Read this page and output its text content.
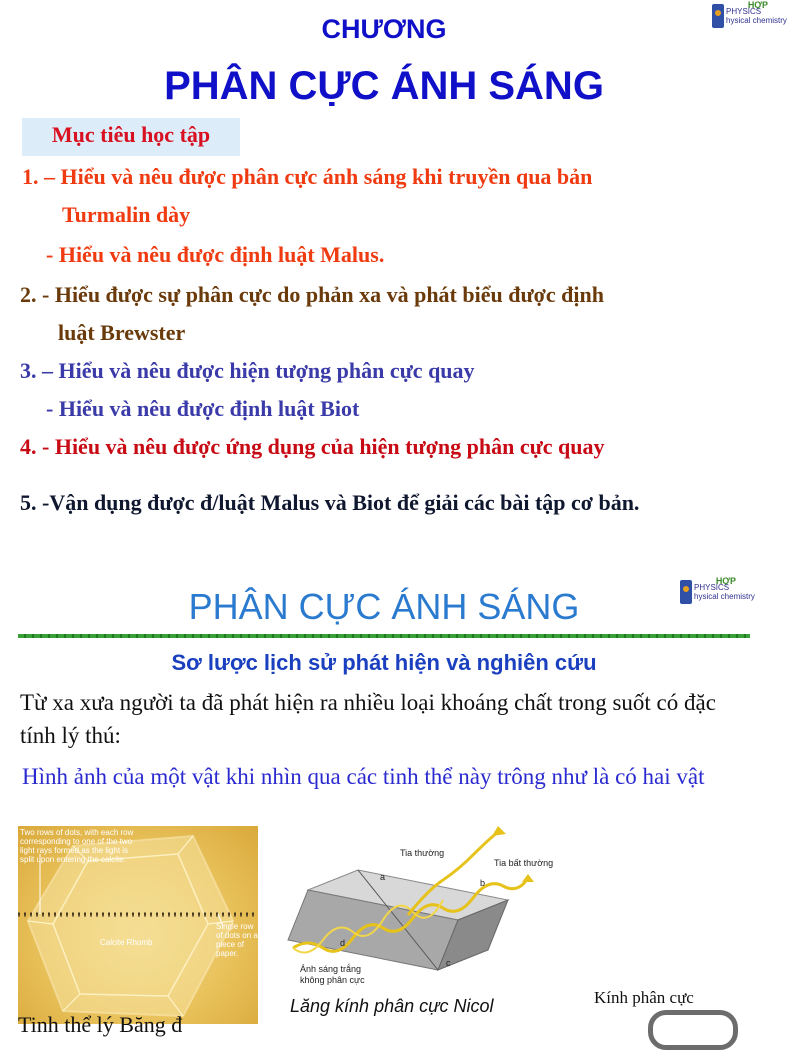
CHƯƠNG
PHÂN CỰC ÁNH SÁNG
HỢP
PHYSICS
hysical chemistry
Mục tiêu học tập
1. – Hiểu và nêu được phân cực ánh sáng khi truyền qua bản
Turmalin dày
- Hiểu và nêu được định luật Malus.
2. - Hiểu được sự phân cực do phản xa và phát biểu được định
luật Brewster
3. – Hiểu và nêu được hiện tượng phân cực quay
- Hiểu và nêu được định luật Biot
4. - Hiểu và nêu được ứng dụng của hiện tượng phân cực quay
5. -Vận dụng được đ/luật Malus và Biot để giải các bài tập cơ bản.
PHÂN CỰC ÁNH SÁNG
HỢP
PHYSICS
hysical chemistry
Sơ lược lịch sử phát hiện và nghiên cứu
Từ xa xưa người ta đã phát hiện ra nhiều loại khoáng chất trong suốt có đặc tính lý thú:
Hình ảnh của một vật khi nhìn qua các tinh thể này trông như là có hai vật
Two rows of dots, with each row corresponding to one of the two light rays formed as the light is split upon entering the calcite.
Calcite Rhomb
Single row of dots on a piece of paper.
Tinh thể lý Băng đ
Tia thường
Tia bất thường
a
b
c
d
Ánh sáng trắng
không phân cực
Lăng kính phân cực Nicol	Kính phân cực
